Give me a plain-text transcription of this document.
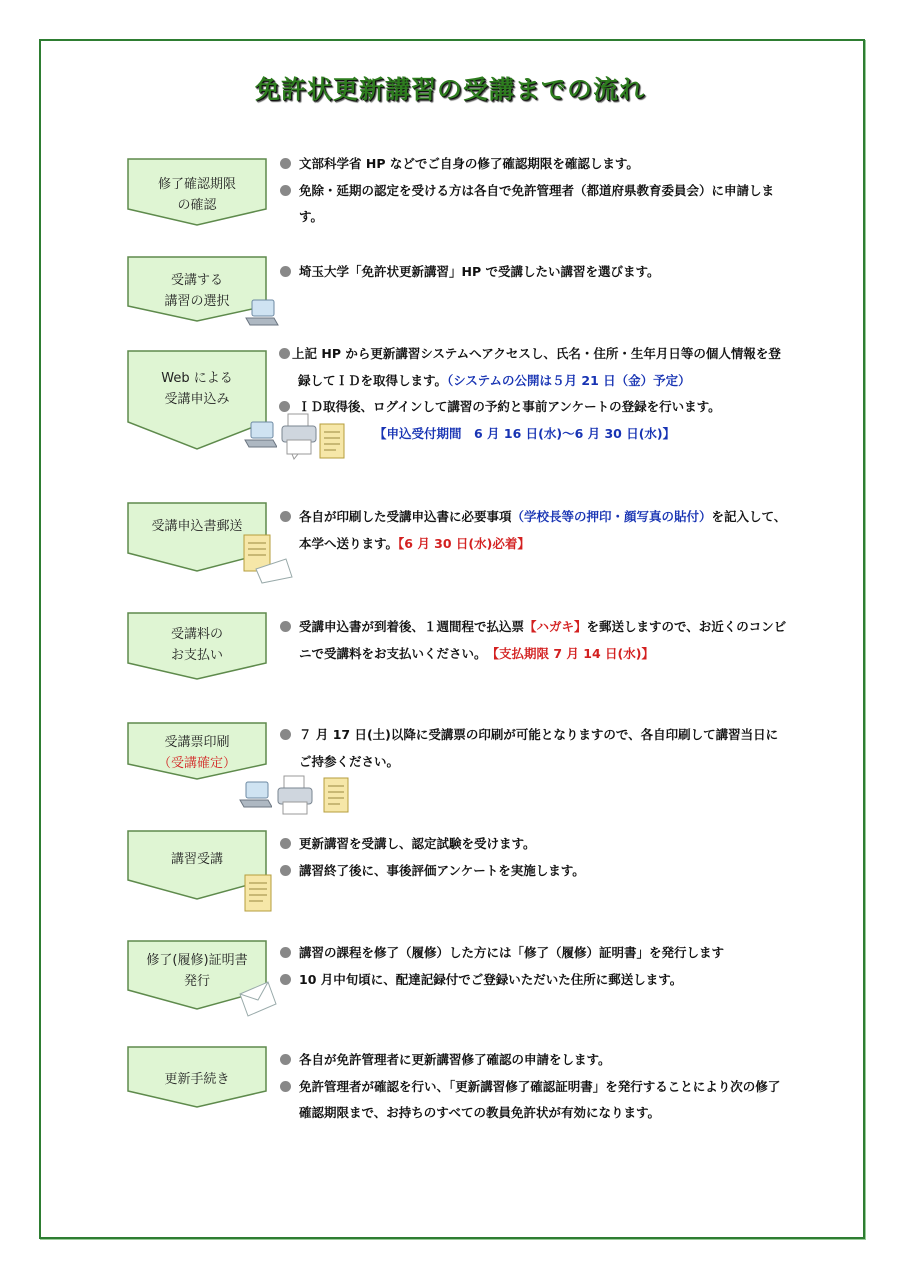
免許状更新講習の受講までの流れ
修了確認期限
の確認
文部科学省 HP などでご自身の修了確認期限を確認します。
免除・延期の認定を受ける方は各自で免許管理者（都道府県教育委員会）に申請します。
受講する
講習の選択
埼玉大学「免許状更新講習」HP で受講したい講習を選びます。
Web による
受講申込み
上記 HP から更新講習システムへアクセスし、氏名・住所・生年月日等の個人情報を登録してＩＤを取得します。（システムの公開は５月 21 日（金）予定）
ＩＤ取得後、ログインして講習の予約と事前アンケートの登録を行います。
【申込受付期間　6 月 16 日(水)～6 月 30 日(水)】
受講申込書郵送
各自が印刷した受講申込書に必要事項（学校長等の押印・顔写真の貼付）を記入して、本学へ送ります。【6 月 30 日(水)必着】
受講料の
お支払い
受講申込書が到着後、１週間程で払込票【ハガキ】を郵送しますので、お近くのコンビニで受講料をお支払いください。　 【支払期限 7 月 14 日(水)】
受講票印刷
（受講確定）
７ 月 17 日(土)以降に受講票の印刷が可能となりますので、各自印刷して講習当日にご持参ください。
講習受講
更新講習を受講し、認定試験を受けます。
講習終了後に、事後評価アンケートを実施します。
修了(履修)証明書
発行
講習の課程を修了（履修）した方には「修了（履修）証明書」を発行します
10 月中旬頃に、配達記録付でご登録いただいた住所に郵送します。
更新手続き
各自が免許管理者に更新講習修了確認の申請をします。
免許管理者が確認を行い、「更新講習修了確認証明書」を発行することにより次の修了確認期限まで、お持ちのすべての教員免許状が有効になります。
